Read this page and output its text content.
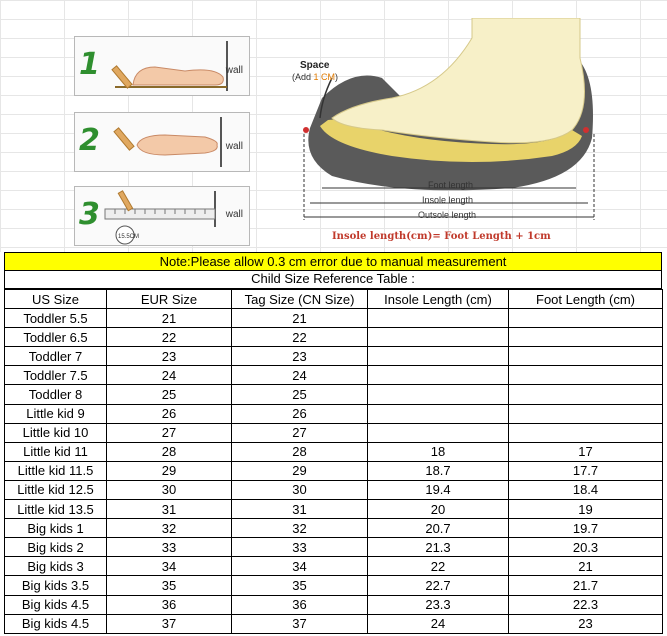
1	wall
2	wall
3
15.5CM
wall
Space
(Add 1 CM)
Foot length
Insole length
Outsole length
Insole length(cm)= Foot Length + 1cm
Note:Please allow 0.3 cm error due to manual measurement
Child Size Reference Table :
US Size	EUR Size	Tag Size (CN Size)	Insole Length (cm)	Foot Length (cm)
Toddler 5.5	21	21		
Toddler 6.5	22	22		
Toddler 7	23	23		
Toddler 7.5	24	24		
Toddler 8	25	25		
Little kid 9	26	26		
Little kid 10	27	27		
Little kid 11	28	28	18	17
Little kid 11.5	29	29	18.7	17.7
Little kid 12.5	30	30	19.4	18.4
Little kid 13.5	31	31	20	19
Big kids 1	32	32	20.7	19.7
Big kids 2	33	33	21.3	20.3
Big kids 3	34	34	22	21
Big kids 3.5	35	35	22.7	21.7
Big kids 4.5	36	36	23.3	22.3
Big kids 4.5	37	37	24	23
